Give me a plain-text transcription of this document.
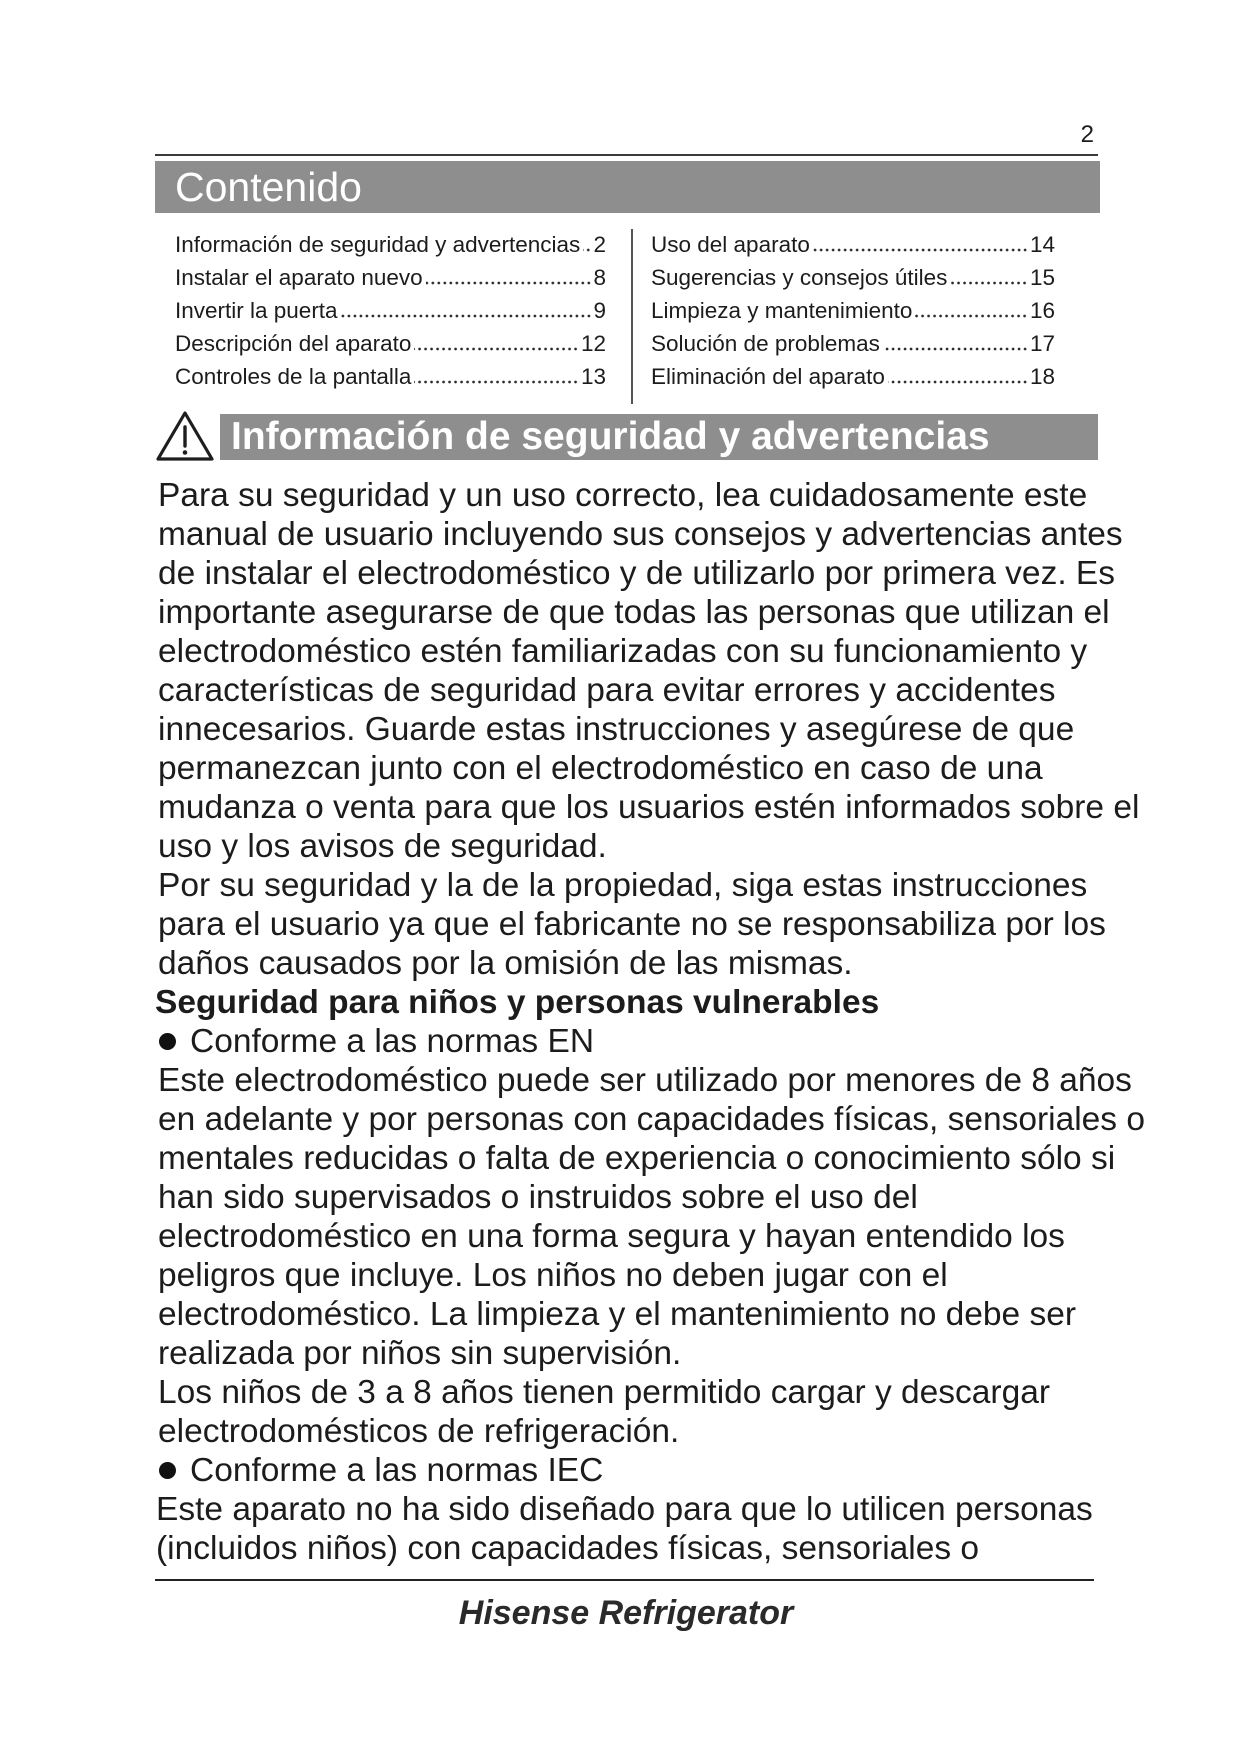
2
Contenido
Información de seguridad y advertencias 2
Instalar el aparato nuevo	8
Invertir la puerta	9
Descripción del aparato	12
Controles de la pantalla	13
Uso del aparato	14
Sugerencias y consejos útiles	15
Limpieza y mantenimiento	16
Solución de problemas	17
Eliminación del aparato	18
Información de seguridad y advertencias
Para su seguridad y un uso correcto, lea cuidadosamente este
manual de usuario incluyendo sus consejos y advertencias antes
de instalar el electrodoméstico y de utilizarlo por primera vez. Es
importante asegurarse de que todas las personas que utilizan el
electrodoméstico estén familiarizadas con su funcionamiento y
características de seguridad para evitar errores y accidentes
innecesarios. Guarde estas instrucciones y asegúrese de que
permanezcan junto con el electrodoméstico en caso de una
mudanza o venta para que los usuarios estén informados sobre el
uso y los avisos de seguridad.
Por su seguridad y la de la propiedad, siga estas instrucciones
para el usuario ya que el fabricante no se responsabiliza por los
daños causados por la omisión de las mismas.
Seguridad para niños y personas vulnerables
Conforme a las normas EN
Este electrodoméstico puede ser utilizado por menores de 8 años
en adelante y por personas con capacidades físicas, sensoriales o
mentales reducidas o falta de experiencia o conocimiento sólo si
han sido supervisados o instruidos sobre el uso del
electrodoméstico en una forma segura y hayan entendido los
peligros que incluye. Los niños no deben jugar con el
electrodoméstico. La limpieza y el mantenimiento no debe ser
realizada por niños sin supervisión.
Los niños de 3 a 8 años tienen permitido cargar y descargar
electrodomésticos de refrigeración.
Conforme a las normas IEC
Este aparato no ha sido diseñado para que lo utilicen personas
(incluidos niños) con capacidades físicas, sensoriales o
Hisense Refrigerator
